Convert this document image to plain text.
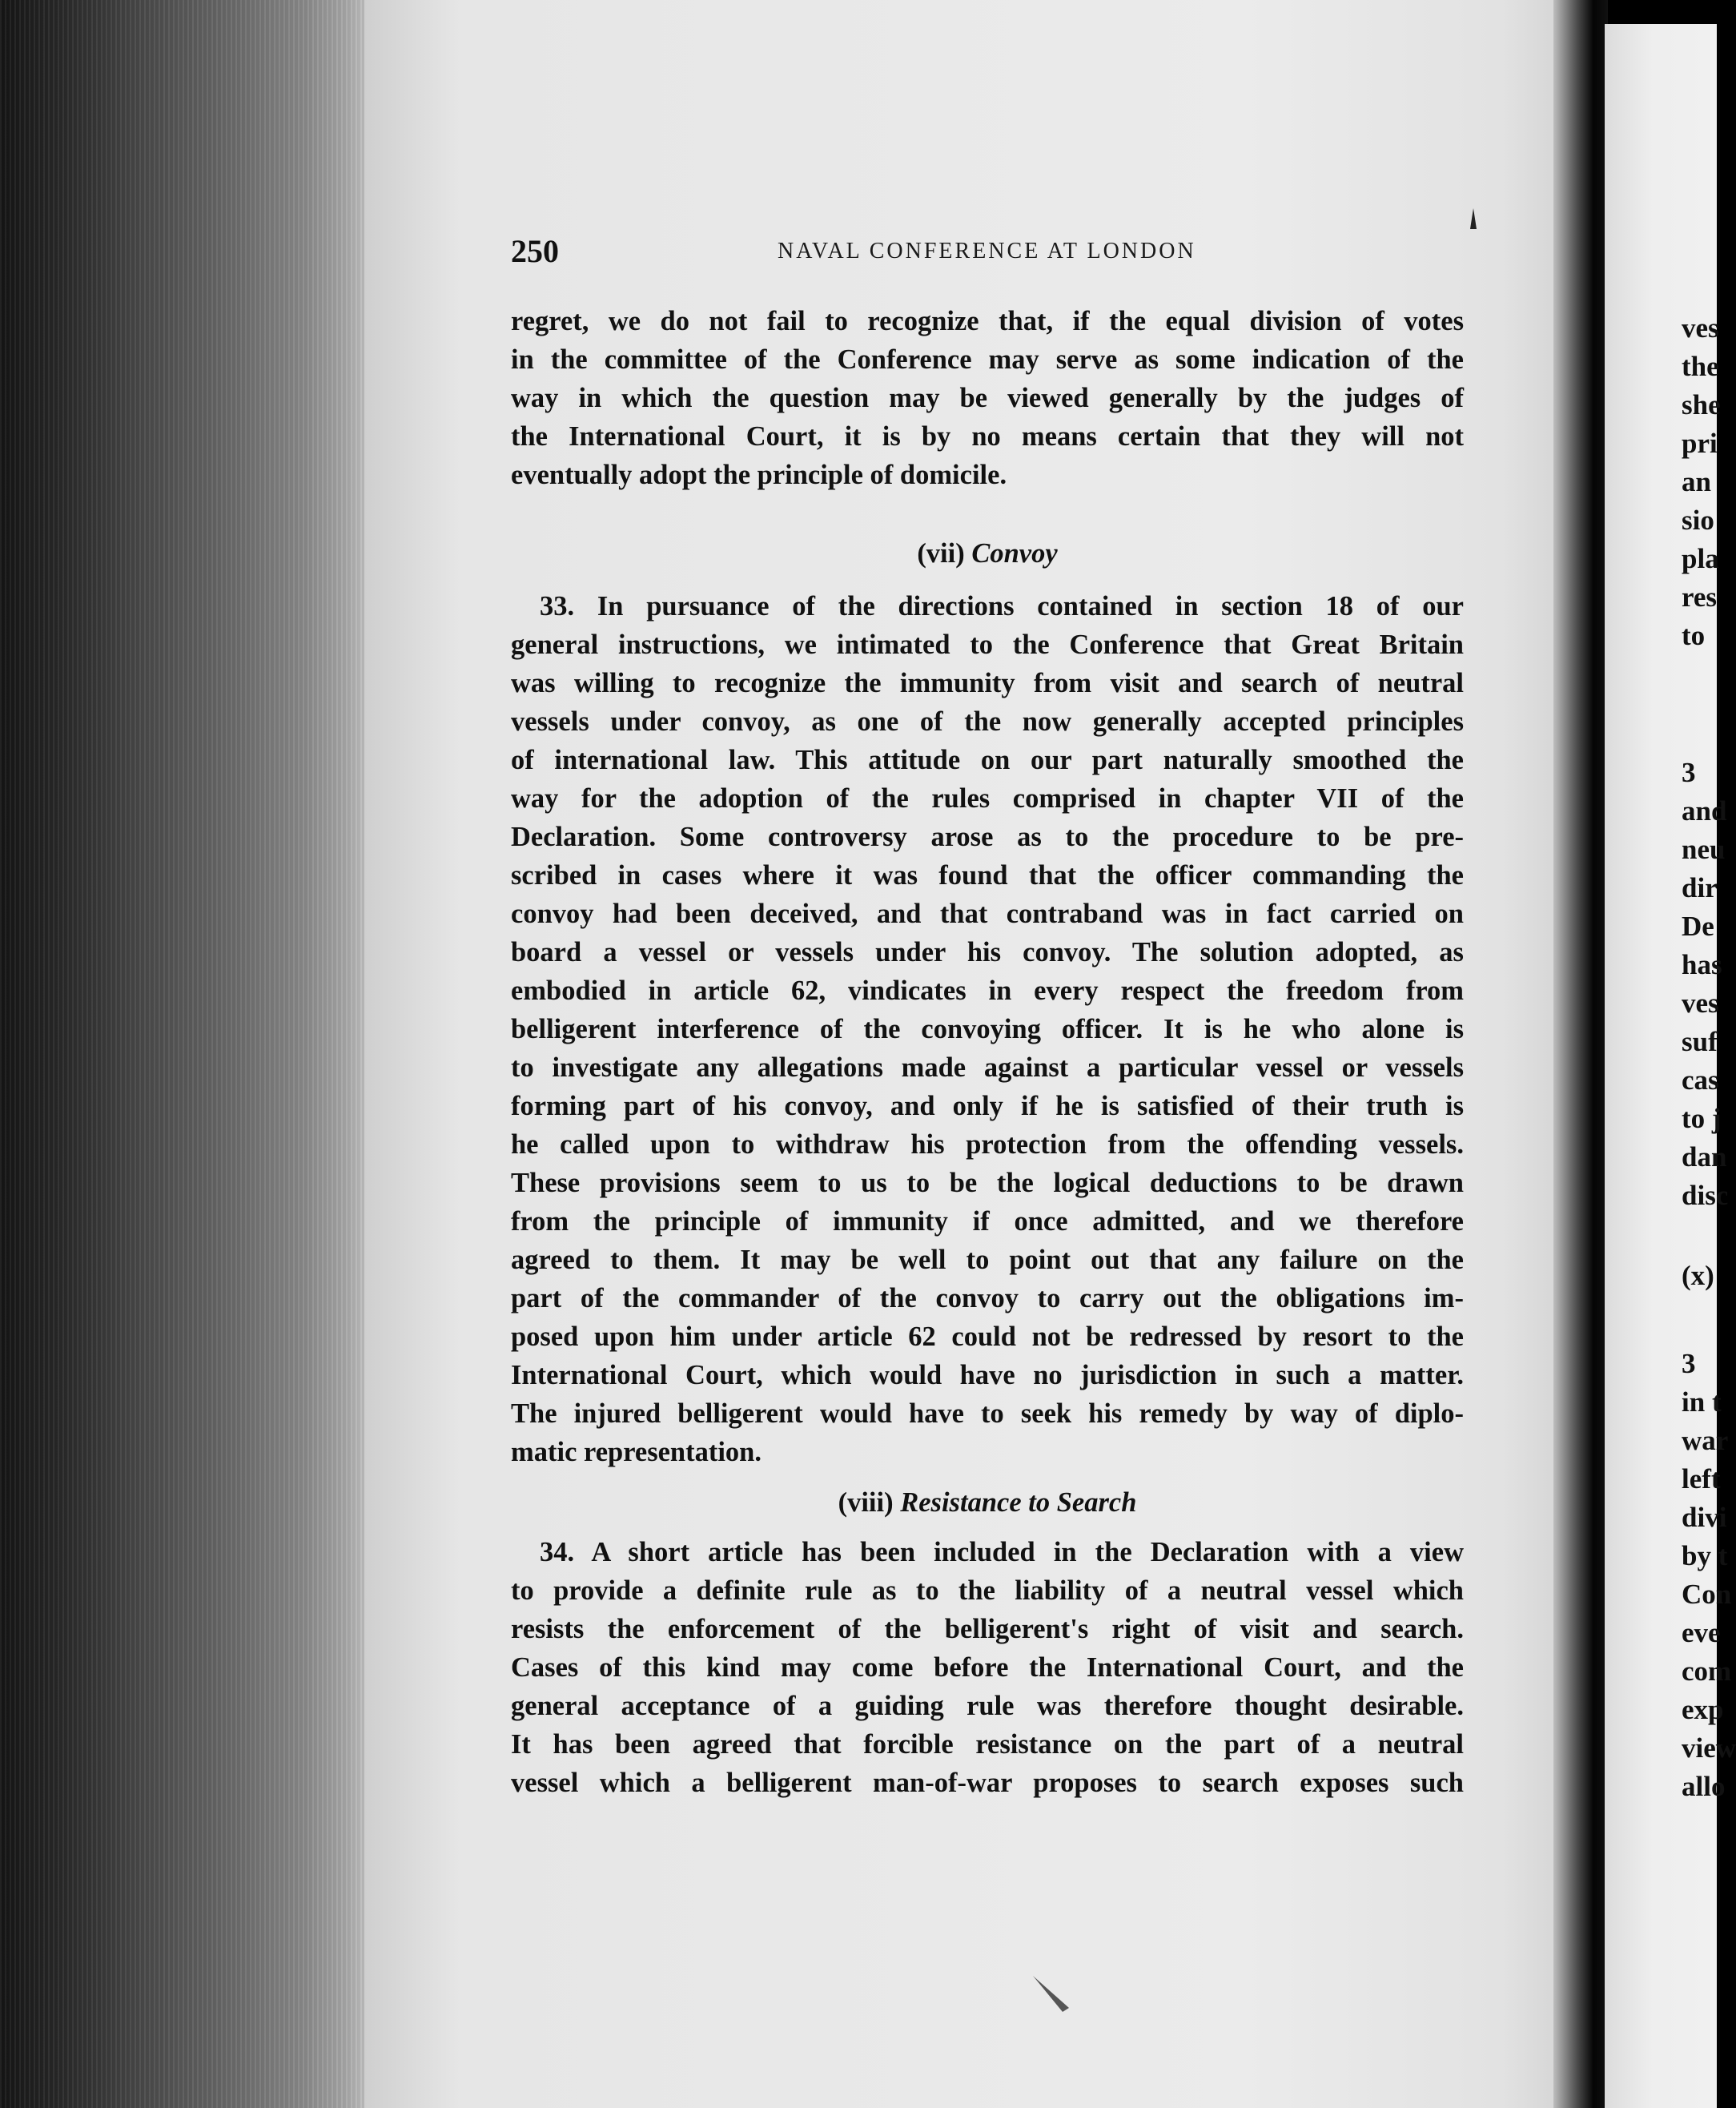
250	NAVAL CONFERENCE AT LONDON
regret, we do not fail to recognize that, if the equal division of votes
in the committee of the Conference may serve as some indication of the
way in which the question may be viewed generally by the judges of
the International Court, it is by no means certain that they will not
eventually adopt the principle of domicile.
(vii) Convoy
33. In pursuance of the directions contained in section 18 of our
general instructions, we intimated to the Conference that Great Britain
was willing to recognize the immunity from visit and search of neutral
vessels under convoy, as one of the now generally accepted principles
of international law. This attitude on our part naturally smoothed the
way for the adoption of the rules comprised in chapter VII of the
Declaration. Some controversy arose as to the procedure to be pre-
scribed in cases where it was found that the officer commanding the
convoy had been deceived, and that contraband was in fact carried on
board a vessel or vessels under his convoy. The solution adopted, as
embodied in article 62, vindicates in every respect the freedom from
belligerent interference of the convoying officer. It is he who alone is
to investigate any allegations made against a particular vessel or vessels
forming part of his convoy, and only if he is satisfied of their truth is
he called upon to withdraw his protection from the offending vessels.
These provisions seem to us to be the logical deductions to be drawn
from the principle of immunity if once admitted, and we therefore
agreed to them. It may be well to point out that any failure on the
part of the commander of the convoy to carry out the obligations im-
posed upon him under article 62 could not be redressed by resort to the
International Court, which would have no jurisdiction in such a matter.
The injured belligerent would have to seek his remedy by way of diplo-
matic representation.
(viii) Resistance to Search
34. A short article has been included in the Declaration with a view
to provide a definite rule as to the liability of a neutral vessel which
resists the enforcement of the belligerent's right of visit and search.
Cases of this kind may come before the International Court, and the
general acceptance of a guiding rule was therefore thought desirable.
It has been agreed that forcible resistance on the part of a neutral
vessel which a belligerent man-of-war proposes to search exposes such
ves
the
she
pri
an
sio
pla
res
to
3
and
neu
dir
De
has
ves
suf
cas
to j
dan
disc
(x)
3
in t
war
left
divi
by t
Con
eve
com
exp
view
allo
